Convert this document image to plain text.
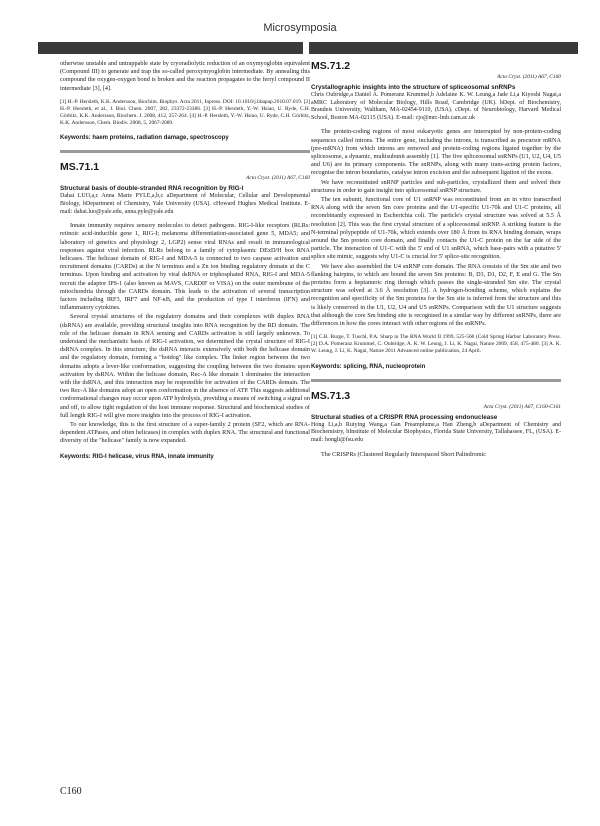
Microsymposia

otherwise unstable and untrappable state by cryoradiolytic reduction of an oxymyoglobin equivalent (Compound III) to generate and trap the so-called peroxymyoglobin intermediate. By annealing this compound the oxygen-oxygen bond is broken and the reaction propagates to the ferryl compound II intermediate [3], [4].

[1] H.-P. Hersleth, K.K. Andersson, Biochim. Biophys. Acta 2011, Inpress. DOI: 10.1016/j.bbapap.2010.07.019. [2] H.-P. Hersleth, et al., J. Biol. Chem. 2007, 282, 23372-23386. [3] H.-P. Hersleth, Y.-W. Hsiao, U. Ryde, C.H. Görbitz, K.K. Andersson, Biochem. J. 2008, 412, 257-264. [4] H.-P. Hersleth, Y.-W. Hsiao, U. Ryde, C.H. Görbitz, K.K. Andersson, Chem. Biodiv. 2008, 5, 2067-2089.
Keywords: haem proteins, radiation damage, spectroscopy
MS.71.1
Acta Cryst. (2011) A67, C160
Structural basis of double-stranded RNA recognition by RIG-I
Dahai LUO,a,c Anna Marie PYLE,a,b,c aDepartment of Molecular, Cellular and Developmental Biology, bDepartment of Chemistry, Yale University (USA). cHoward Hughes Medical Institute. E-mail: dahai.luo@yale.edu, anna.pyle@yale.edu

Innate immunity requires sensory molecules to detect pathogens. RIG-I-like receptors (RLRs: retinoic acid-inducible gene 1, RIG-I; melanoma differentiation-associated gene 5, MDA5; and laboratory of genetics and physiology 2, LGP2) sense viral RNAs and result in immunological responses against viral infection. RLRs belong to a family of cytoplasmic DExD/H box RNA helicases. The helicase domain of RIG-I and MDA-5 is connected to two caspase activation and recruitment domains (CARDs) at the N terminus and a Zn ion binding regulatory domain at the C terminus. Upon binding and activation by viral dsRNA or triphosphated RNA, RIG-I and MDA-5 recruit the adaptor IPS-1 (also known as MAVS, CARDIF or VISA) on the outer membrane of the mitochondria through the CARDs domain. This leads to the activation of several transcription factors including IRF3, IRF7 and NF-κB, and the production of type I interferon (IFN) and inflammatory cytokines.

Several crystal structures of the regulatory domains and their complexes with duplex RNA (dsRNA) are available, providing structural insights into RNA recognition by the RD domain. The role of the helicase domain in RNA sensing and CARDs activation is still largely unknown. To understand the mechanistic basis of RIG-I activation, we determined the crystal structure of RIG-I dsRNA complex. In this structure, the dsRNA interacts extensively with both the helicase domain and the regulatory domain, forming a "hotdog" like complex. The linker region between the two domains adopts a lever-like conformation, suggesting the coupling between the two domains upon activation by dsRNA. Within the helicase domain, Rec-A like domain 1 dominates the interaction with the dsRNA, and this interaction may be responsible for activation of the CARDs domain. The two Rec-A like domains adopt an open conformation in the absence of ATP. This suggests additional conformational changes may occur upon ATP hydrolysis, providing a means of switching a signal on and off, to allow tight regulation of the host immune response. Structural and biochemical studies of full length RIG-I will give more insights into the process of RIG-I activation.

To our knowledge, this is the first structure of a super-family 2 protein (SF2, which are RNA-dependent ATPases, and often helicases) in complex with duplex RNA. The structural and functional diversity of the "helicase" family is now expanded.

Keywords: RIG-I helicase, virus RNA, innate immunity
MS.71.2
Acta Cryst. (2011) A67, C160
Crystallographic insights into the structure of spliceosomal snRNPs
Chris Oubridge,a Daniel A. Pomeranz Krummel,b Adelaine K. W. Leung,a Jade Li,a Kiyoshi Nagai,a aMRC Laboratory of Molecular Biology, Hills Road, Cambridge (UK). bDept. of Biochemistry, Brandeis University, Waltham, MA-02454-9110, (USA). cDept. of Neurobiology, Harvard Medical School, Boston MA-02115 (USA). E-mail: cjo@mrc-lmb.cam.ac.uk

The protein-coding regions of most eukaryotic genes are interrupted by non-protein-coding sequences called introns. The entire gene, including the introns, is transcribed as precursor mRNA (pre-mRNA) from which introns are removed and protein-coding regions ligated together by the spliceosome, a dynamic, multisubunit assembly [1]. The five spliceosomal snRNPs (U1, U2, U4, U5 and U6) are its primary components. The snRNPs, along with many trans-acting protein factors, recognise the intron boundaries, catalyse intron excision and the subsequent ligation of the exons.

We have reconstituted snRNP particles and sub-particles, crystallized them and solved their structures in order to gain insight into spliceosomal snRNP structure.

The ten subunit, functional core of U1 snRNP was reconstituted from an in vitro transcribed RNA along with the seven Sm core proteins and the U1-specific U1-70k and U1-C proteins, all recombinantly expressed in Escherichia coli. The particle's crystal structure was solved at 5.5 Å resolution [2]. This was the first crystal structure of a spliceosomal snRNP. A striking feature is the N-terminal polypeptide of U1-70k, which extends over 180 Å from its RNA binding domain, wraps around the Sm protein core domain, and finally contacts the U1-C protein on the far side of the particle. The interaction of U1-C with the 5' end of U1 snRNA, which base-pairs with a putative 5' splice site mimic, suggests why U1-C is crucial for 5' splice-site recognition.

We have also assembled the U4 snRNP core domain. The RNA consists of the Sm site and two flanking hairpins, to which are bound the seven Sm proteins: B, D3, D1, D2, F, E and G. The Sm proteins form a heptameric ring through which passes the single-stranded Sm site. The crystal structure was solved at 3.6 Å resolution [3]. A hydrogen-bonding scheme, which explains the recognition and specificity of the Sm proteins for the Sm site is inferred from the structure and this is likely conserved in the U1, U2, U4 and U5 snRNPs. Comparison with the U1 structure suggests that although the core Sm binding site is recognised in a similar way by different snRNPs, there are differences in how the cores interact with other regions of the snRNPs.

[1] C.B. Burge, T. Tuschl, P.A. Sharp in The RNA World II 1999, 525-560 (Cold Spring Harbor Laboratory Press. [2] D.A. Pomeranz Krummel, C. Oubridge, A. K. W. Leung, J. Li, K. Nagai, Nature 2009, 458, 475-480. [3] A. K. W. Leung, J. Li, K. Nagai, Nature 2011 Advanced online publication, 24 April.
Keywords: splicing, RNA, nucleoprotein
MS.71.3
Acta Cryst. (2011) A67, C160-C161
Structural studies of a CRISPR RNA processing endonuclease
Hong Li,a,b Ruiying Wang,a Gan Preamplume,a Han Zheng,b aDepartment of Chemistry and Biochemistry, bInstitute of Molecular Biophysics, Florida State University, Tallahassee, FL, (USA). E-mail: hongli@fsu.edu

The CRISPRs (Clustered Regularly Interspaced Short Palindromic

C160
